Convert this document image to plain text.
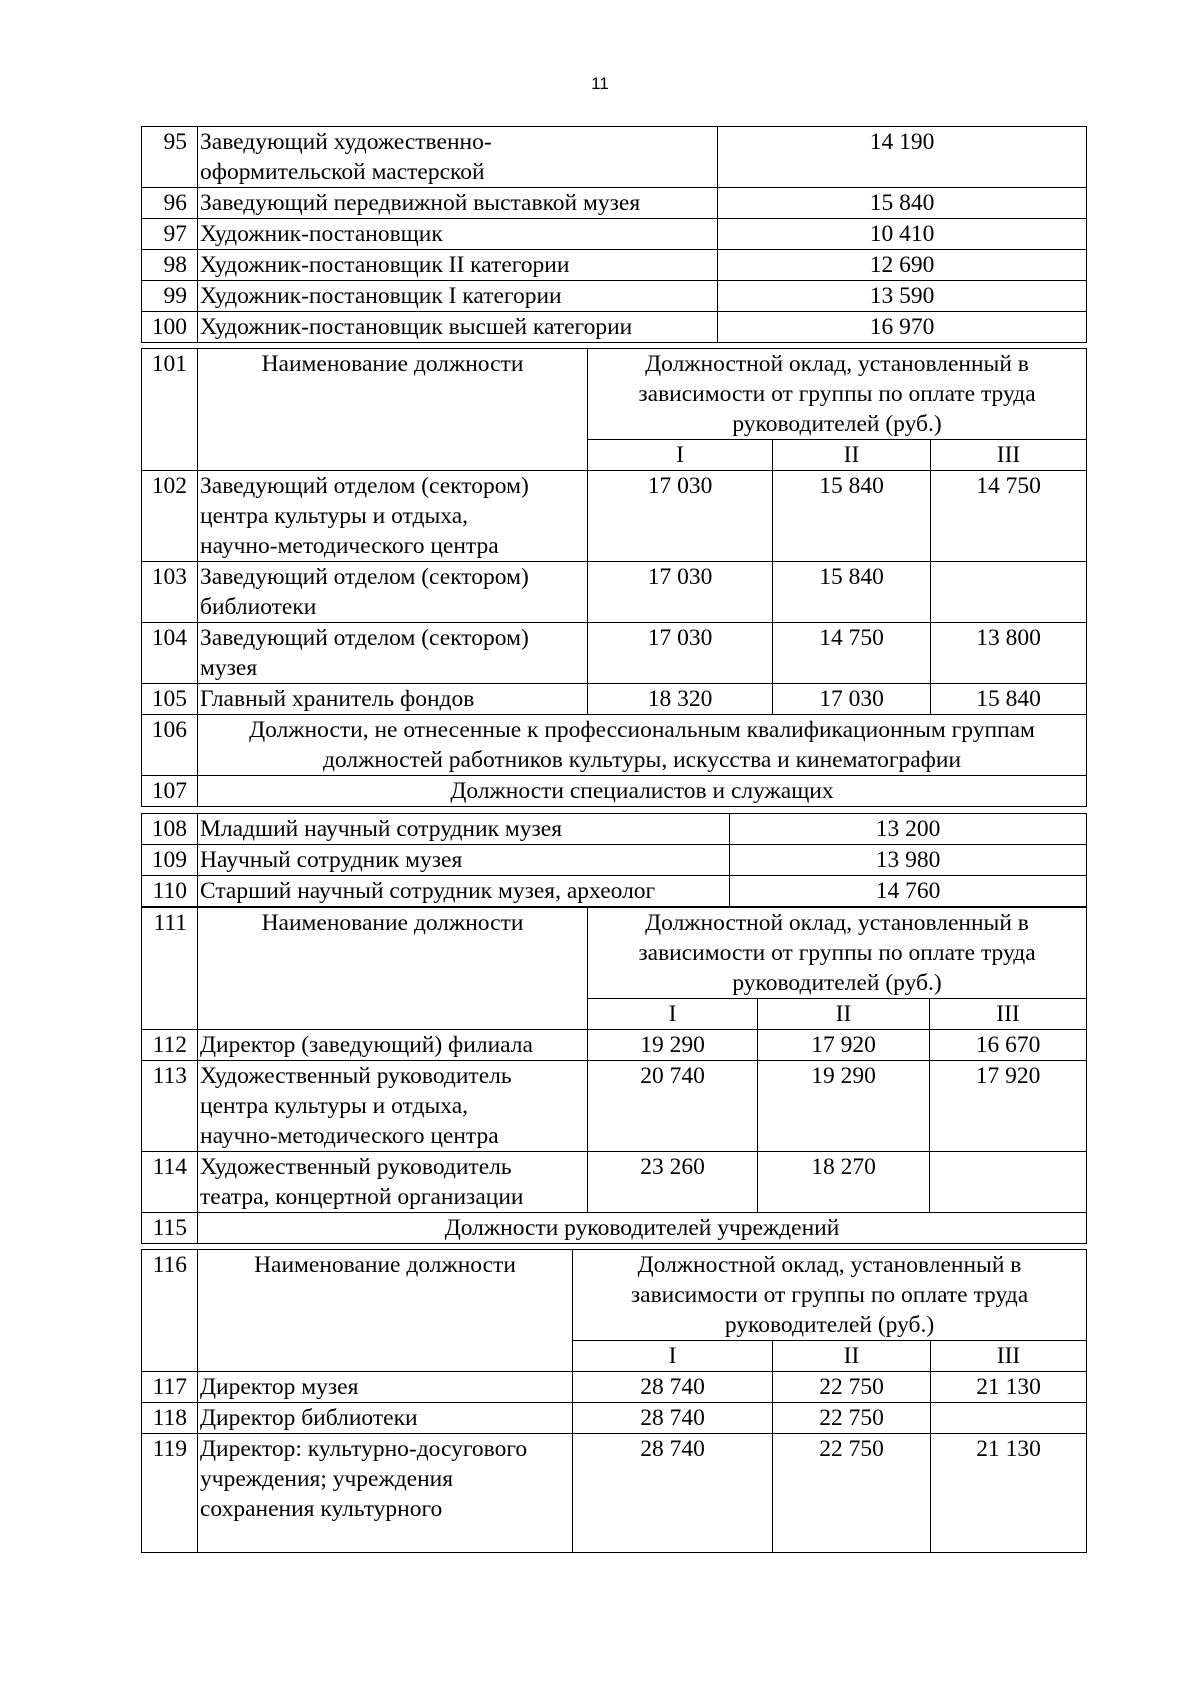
11
95	Заведующий художественно-
оформительской мастерской	14 190
96	Заведующий передвижной выставкой музея	15 840
97	Художник-постановщик	10 410
98	Художник-постановщик II категории	12 690
99	Художник-постановщик I категории	13 590
100	Художник-постановщик высшей категории	16 970
101	Наименование должности	Должностной оклад, установленный в
зависимости от группы по оплате труда
руководителей (руб.)		

		I	II	III
102	Заведующий отделом (сектором)
центра культуры и отдыха,
научно-методического центра	17 030	15 840	14 750
103	Заведующий отделом (сектором)
библиотеки	17 030	15 840	
104	Заведующий отделом (сектором)
музея	17 030	14 750	13 800
105	Главный хранитель фондов	18 320	17 030	15 840
106	Должности, не отнесенные к профессиональным квалификационным группам
должностей работников культуры, искусства и кинематографии			

107	Должности специалистов и служащих			
108	Младший научный сотрудник музея	13 200
109	Научный сотрудник музея	13 980
110	Старший научный сотрудник музея, археолог	14 760
111	Наименование должности	Должностной оклад, установленный в
зависимости от группы по оплате труда
руководителей (руб.)		

		I	II	III
112	Директор (заведующий) филиала	19 290	17 920	16 670
113	Художественный руководитель
центра культуры и отдыха,
научно-методического центра	20 740	19 290	17 920
114	Художественный руководитель
театра, концертной организации	23 260	18 270	
115	Должности руководителей учреждений			
116	Наименование должности	Должностной оклад, установленный в
зависимости от группы по оплате труда
руководителей (руб.)		

		I	II	III
117	Директор музея	28 740	22 750	21 130
118	Директор библиотеки	28 740	22 750	
119	Директор: культурно-досугового
учреждения; учреждения
сохранения культурного	28 740	22 750	21 130
